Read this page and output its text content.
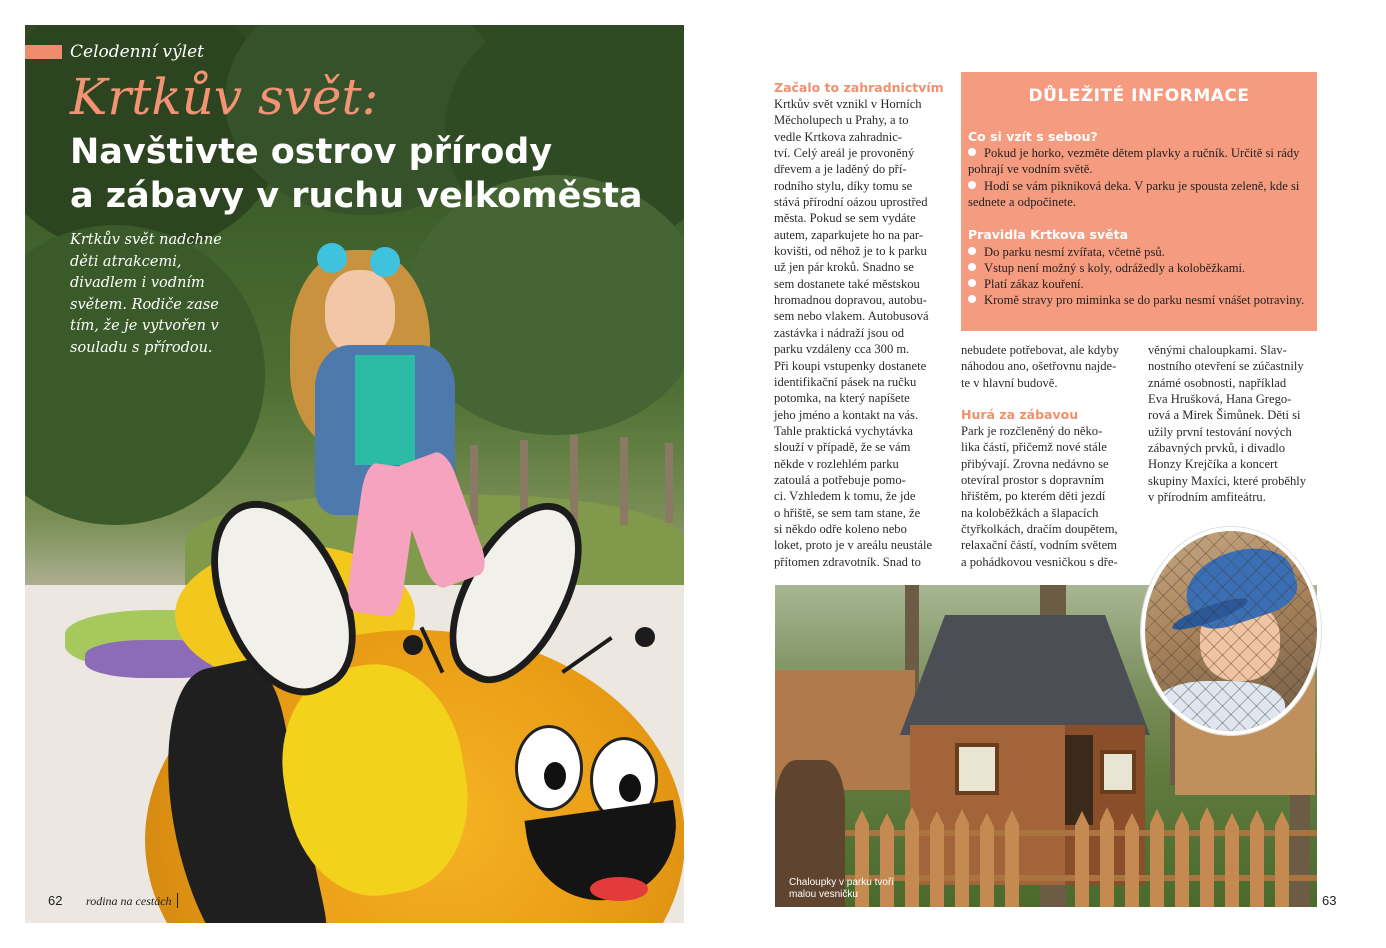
Celodenní výlet
Krtkův svět:
Navštivte ostrov přírody
a zábavy v ruchu velkoměsta
Krtkův svět nadchne děti atrakcemi, divadlem i vodním světem. Rodiče zase tím, že je vytvořen v souladu s přírodou.
62 rodina na cestách
Začalo to zahradnictvím
Krtkův svět vznikl v Horních
Měcholupech u Prahy, a to
vedle Krtkova zahradnic-
tví. Celý areál je provoněný
dřevem a je laděný do pří-
rodního stylu, díky tomu se
stává přírodní oázou uprostřed
města. Pokud se sem vydáte
autem, zaparkujete ho na par-
kovišti, od něhož je to k parku
už jen pár kroků. Snadno se
sem dostanete také městskou
hromadnou dopravou, autobu-
sem nebo vlakem. Autobusová
zastávka i nádraží jsou od
parku vzdáleny cca 300 m.
Při koupi vstupenky dostanete
identifikační pásek na ručku
potomka, na který napíšete
jeho jméno a kontakt na vás.
Tahle praktická vychytávka
slouží v případě, že se vám
někde v rozlehlém parku
zatoulá a potřebuje pomo-
ci. Vzhledem k tomu, že jde
o hřiště, se sem tam stane, že
si někdo odře koleno nebo
loket, proto je v areálu neustále
přítomen zdravotník. Snad to
DŮLEŽITÉ INFORMACE
Co si vzít s sebou?
Pokud je horko, vezměte dětem plavky a ručník. Určitě si rády pohrají ve vodním světě.
Hodí se vám pikniková deka. V parku je spousta zeleně, kde si sednete a odpočinete.
Pravidla Krtkova světa
Do parku nesmí zvířata, včetně psů.
Vstup není možný s koly, odrážedly a koloběžkami.
Platí zákaz kouření.
Kromě stravy pro miminka se do parku nesmí vnášet potraviny.
nebudete potřebovat, ale kdyby
náhodou ano, ošetřovnu najde-
te v hlavní budově.
Hurá za zábavou
Park je rozčleněný do něko-
lika částí, přičemž nové stále
přibývají. Zrovna nedávno se
otevíral prostor s dopravním
hřištěm, po kterém děti jezdí
na koloběžkách a šlapacích
čtyřkolkách, dračím doupětem,
relaxační částí, vodním světem
a pohádkovou vesničkou s dře-
věnými chaloupkami. Slav-
nostního otevření se zúčastnily
známé osobnosti, například
Eva Hrušková, Hana Grego-
rová a Mirek Šimůnek. Děti si
užily první testování nových
zábavných prvků, i divadlo
Honzy Krejčíka a koncert
skupiny Maxíci, které proběhly
v přírodním amfiteátru.
Chaloupky v parku tvoří malou vesničku	63
